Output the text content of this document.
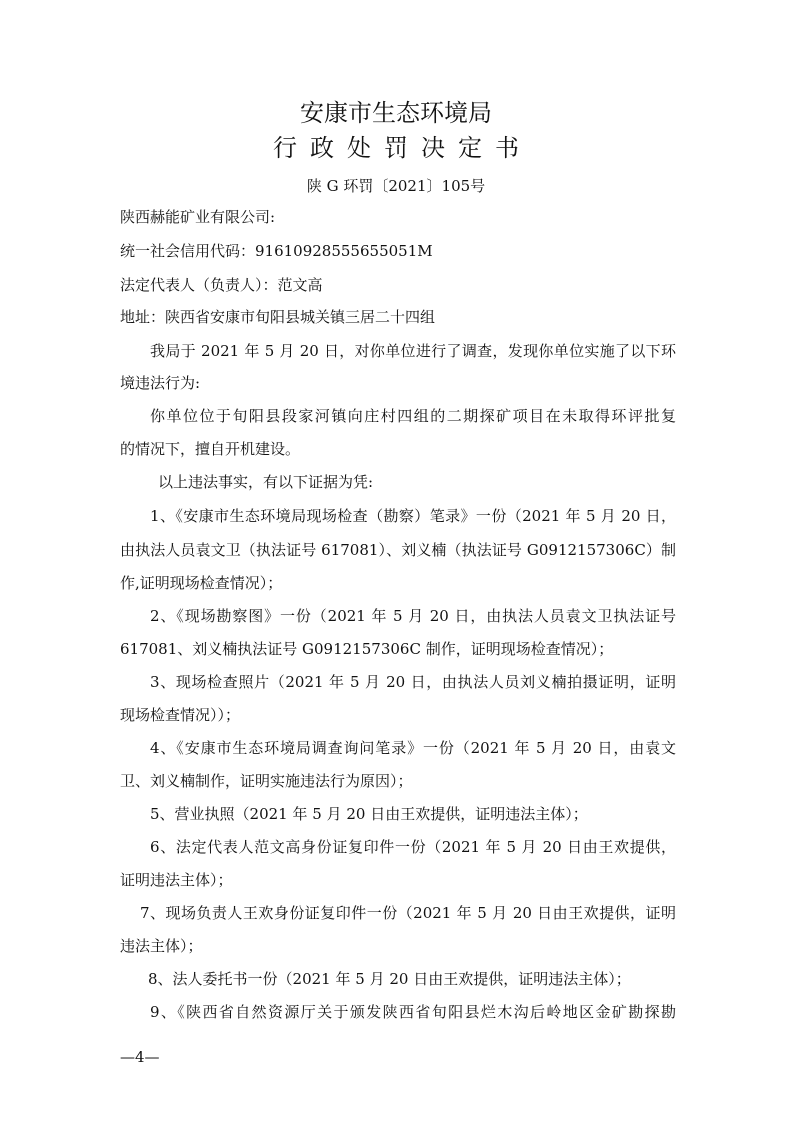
安康市生态环境局
行政处罚决定书
陕 G 环罚〔2021〕105号
陕西赫能矿业有限公司:
统一社会信用代码：91610928555655051M
法定代表人（负责人）：范文高
地址：陕西省安康市旬阳县城关镇三居二十四组
我局于 2021 年 5 月 20 日，对你单位进行了调查，发现你单位实施了以下环
境违法行为:
你单位位于旬阳县段家河镇向庄村四组的二期探矿项目在未取得环评批复
的情况下，擅自开机建设。
以上违法事实，有以下证据为凭:
1、《安康市生态环境局现场检查（勘察）笔录》一份（2021 年 5 月 20 日，
由执法人员袁文卫（执法证号 617081）、刘义楠（执法证号 G0912157306C）制
作,证明现场检查情况）；
2、《现场勘察图》一份（2021 年 5 月 20 日，由执法人员袁文卫执法证号
617081、刘义楠执法证号 G0912157306C 制作，证明现场检查情况）；
3、现场检查照片（2021 年 5 月 20 日，由执法人员刘义楠拍摄证明，证明
现场检查情况））；
4、《安康市生态环境局调查询问笔录》一份（2021 年 5 月 20 日，由袁文
卫、刘义楠制作，证明实施违法行为原因）；
5、营业执照（2021 年 5 月 20 日由王欢提供，证明违法主体）；
6、法定代表人范文高身份证复印件一份（2021 年 5 月 20 日由王欢提供，
证明违法主体）；
7、现场负责人王欢身份证复印件一份（2021 年 5 月 20 日由王欢提供，证明
违法主体）；
8、法人委托书一份（2021 年 5 月 20 日由王欢提供，证明违法主体）；
9、《陕西省自然资源厅关于颁发陕西省旬阳县烂木沟后岭地区金矿勘探勘
—4—
